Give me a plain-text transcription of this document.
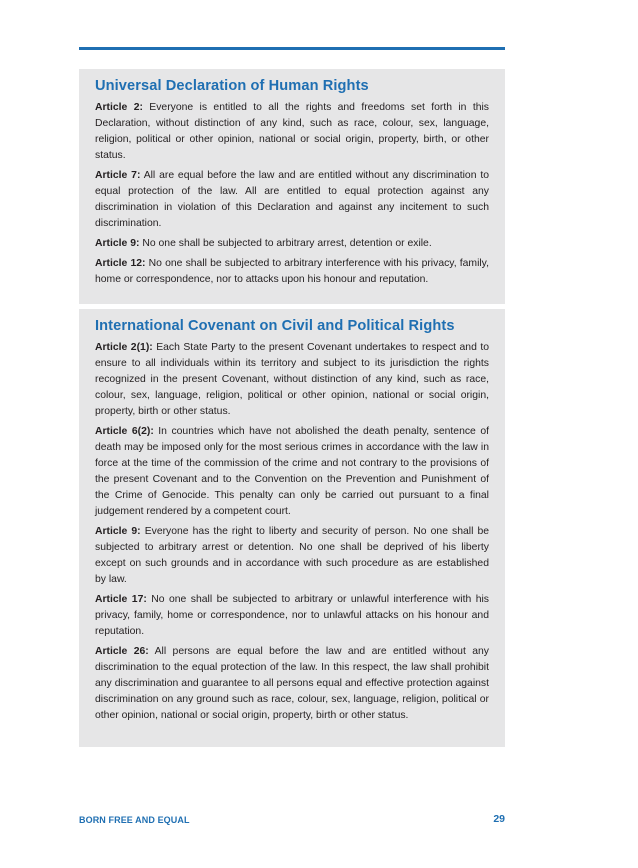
Universal Declaration of Human Rights

Article 2: Everyone is entitled to all the rights and freedoms set forth in this Declaration, without distinction of any kind, such as race, colour, sex, language, religion, political or other opinion, national or social origin, property, birth, or other status.

Article 7: All are equal before the law and are entitled without any discrimination to equal protection of the law. All are entitled to equal protection against any discrimination in violation of this Declaration and against any incitement to such discrimination.

Article 9: No one shall be subjected to arbitrary arrest, detention or exile.

Article 12: No one shall be subjected to arbitrary interference with his privacy, family, home or correspondence, nor to attacks upon his honour and reputation.

International Covenant on Civil and Political Rights

Article 2(1): Each State Party to the present Covenant undertakes to respect and to ensure to all individuals within its territory and subject to its jurisdiction the rights recognized in the present Covenant, without distinction of any kind, such as race, colour, sex, language, religion, political or other opinion, national or social origin, property, birth or other status.

Article 6(2): In countries which have not abolished the death penalty, sentence of death may be imposed only for the most serious crimes in accordance with the law in force at the time of the commission of the crime and not contrary to the provisions of the present Covenant and to the Convention on the Prevention and Punishment of the Crime of Genocide. This penalty can only be carried out pursuant to a final judgement rendered by a competent court.

Article 9: Everyone has the right to liberty and security of person. No one shall be subjected to arbitrary arrest or detention. No one shall be deprived of his liberty except on such grounds and in accordance with such procedure as are established by law.

Article 17: No one shall be subjected to arbitrary or unlawful interference with his privacy, family, home or correspondence, nor to unlawful attacks on his honour and reputation.

Article 26: All persons are equal before the law and are entitled without any discrimination to the equal protection of the law. In this respect, the law shall prohibit any discrimination and guarantee to all persons equal and effective protection against discrimination on any ground such as race, colour, sex, language, religion, political or other opinion, national or social origin, property, birth or other status.

BORN FREE AND EQUAL	29
